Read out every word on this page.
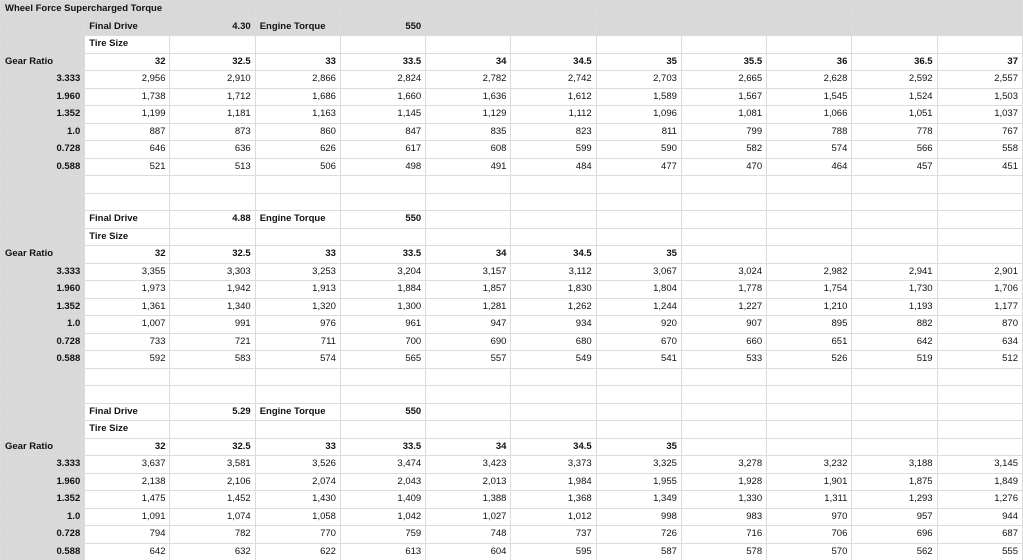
Wheel Force Supercharged Torque											
	Final Drive	4.30	Engine Torque	550							
	Tire Size										
Gear Ratio	32	32.5	33	33.5	34	34.5	35	35.5	36	36.5	37
3.333	2,956	2,910	2,866	2,824	2,782	2,742	2,703	2,665	2,628	2,592	2,557
1.960	1,738	1,712	1,686	1,660	1,636	1,612	1,589	1,567	1,545	1,524	1,503
1.352	1,199	1,181	1,163	1,145	1,129	1,112	1,096	1,081	1,066	1,051	1,037
1.0	887	873	860	847	835	823	811	799	788	778	767
0.728	646	636	626	617	608	599	590	582	574	566	558
0.588	521	513	506	498	491	484	477	470	464	457	451

	Final Drive	4.88	Engine Torque	550							
	Tire Size										
Gear Ratio	32	32.5	33	33.5	34	34.5	35				
3.333	3,355	3,303	3,253	3,204	3,157	3,112	3,067	3,024	2,982	2,941	2,901
1.960	1,973	1,942	1,913	1,884	1,857	1,830	1,804	1,778	1,754	1,730	1,706
1.352	1,361	1,340	1,320	1,300	1,281	1,262	1,244	1,227	1,210	1,193	1,177
1.0	1,007	991	976	961	947	934	920	907	895	882	870
0.728	733	721	711	700	690	680	670	660	651	642	634
0.588	592	583	574	565	557	549	541	533	526	519	512

	Final Drive	5.29	Engine Torque	550							
	Tire Size										
Gear Ratio	32	32.5	33	33.5	34	34.5	35				
3.333	3,637	3,581	3,526	3,474	3,423	3,373	3,325	3,278	3,232	3,188	3,145
1.960	2,138	2,106	2,074	2,043	2,013	1,984	1,955	1,928	1,901	1,875	1,849
1.352	1,475	1,452	1,430	1,409	1,388	1,368	1,349	1,330	1,311	1,293	1,276
1.0	1,091	1,074	1,058	1,042	1,027	1,012	998	983	970	957	944
0.728	794	782	770	759	748	737	726	716	706	696	687
0.588	642	632	622	613	604	595	587	578	570	562	555
